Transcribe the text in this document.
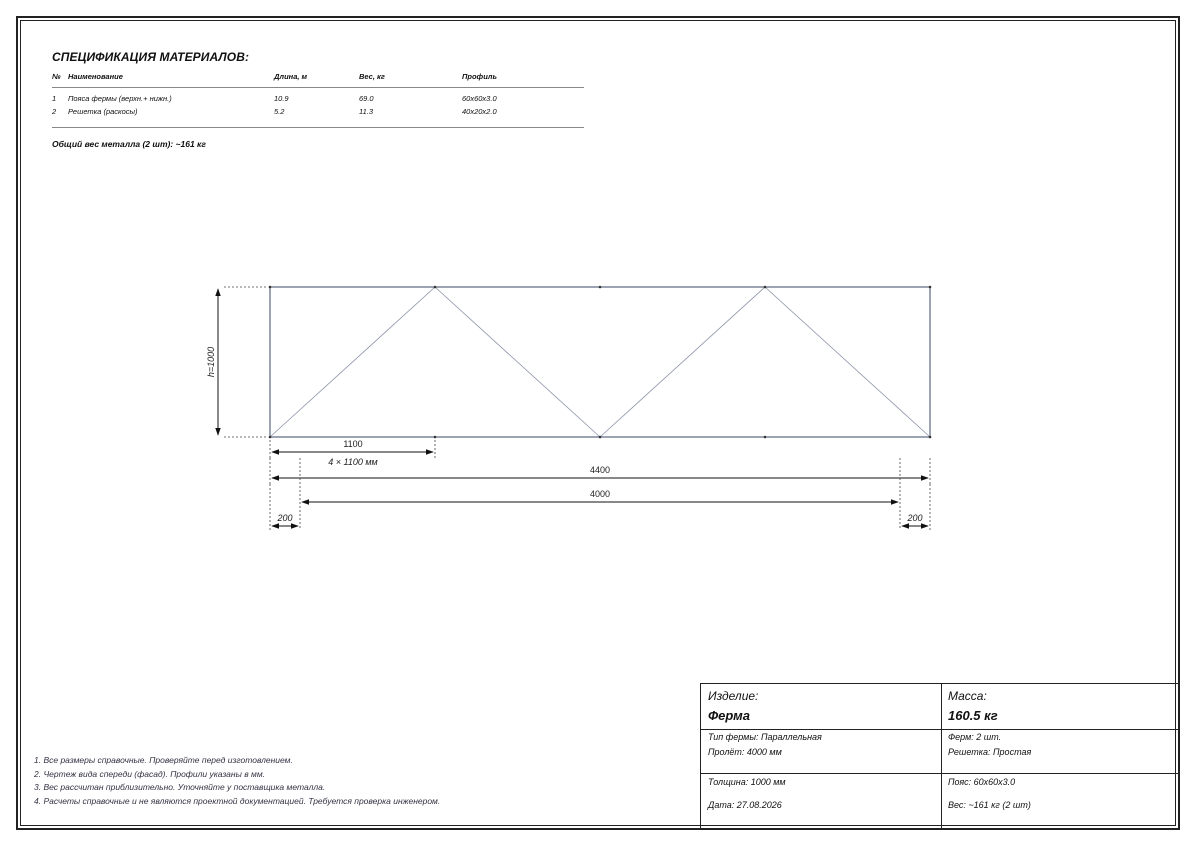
СПЕЦИФИКАЦИЯ МАТЕРИАЛОВ:
№ Наименование	Длина, м	Вес, кг	Профиль
1 Пояса фермы (верхн.+ нижн.)	10.9	69.0	60x60x3.0
2 Решетка (раскосы)	5.2	11.3	40x20x2.0
Общий вес металла (2 шт): ~161 кг
h=1000
1100
4 × 1100 мм
4400
4000
200	200
1. Все размеры справочные. Проверяйте перед изготовлением.
2. Чертеж вида спереди (фасад). Профили указаны в мм.
3. Вес рассчитан приблизительно. Уточняйте у поставщика металла.
4. Расчеты справочные и не являются проектной документацией. Требуется проверка инженером.
Изделие:
Ферма
Масса:
160.5 кг
Тип фермы: Параллельная
Пролёт: 4000 мм
Ферм: 2 шт.
Решетка: Простая
Толщина: 1000 мм
Дата: 27.08.2026
Пояс: 60x60x3.0
Вес: ~161 кг (2 шт)
